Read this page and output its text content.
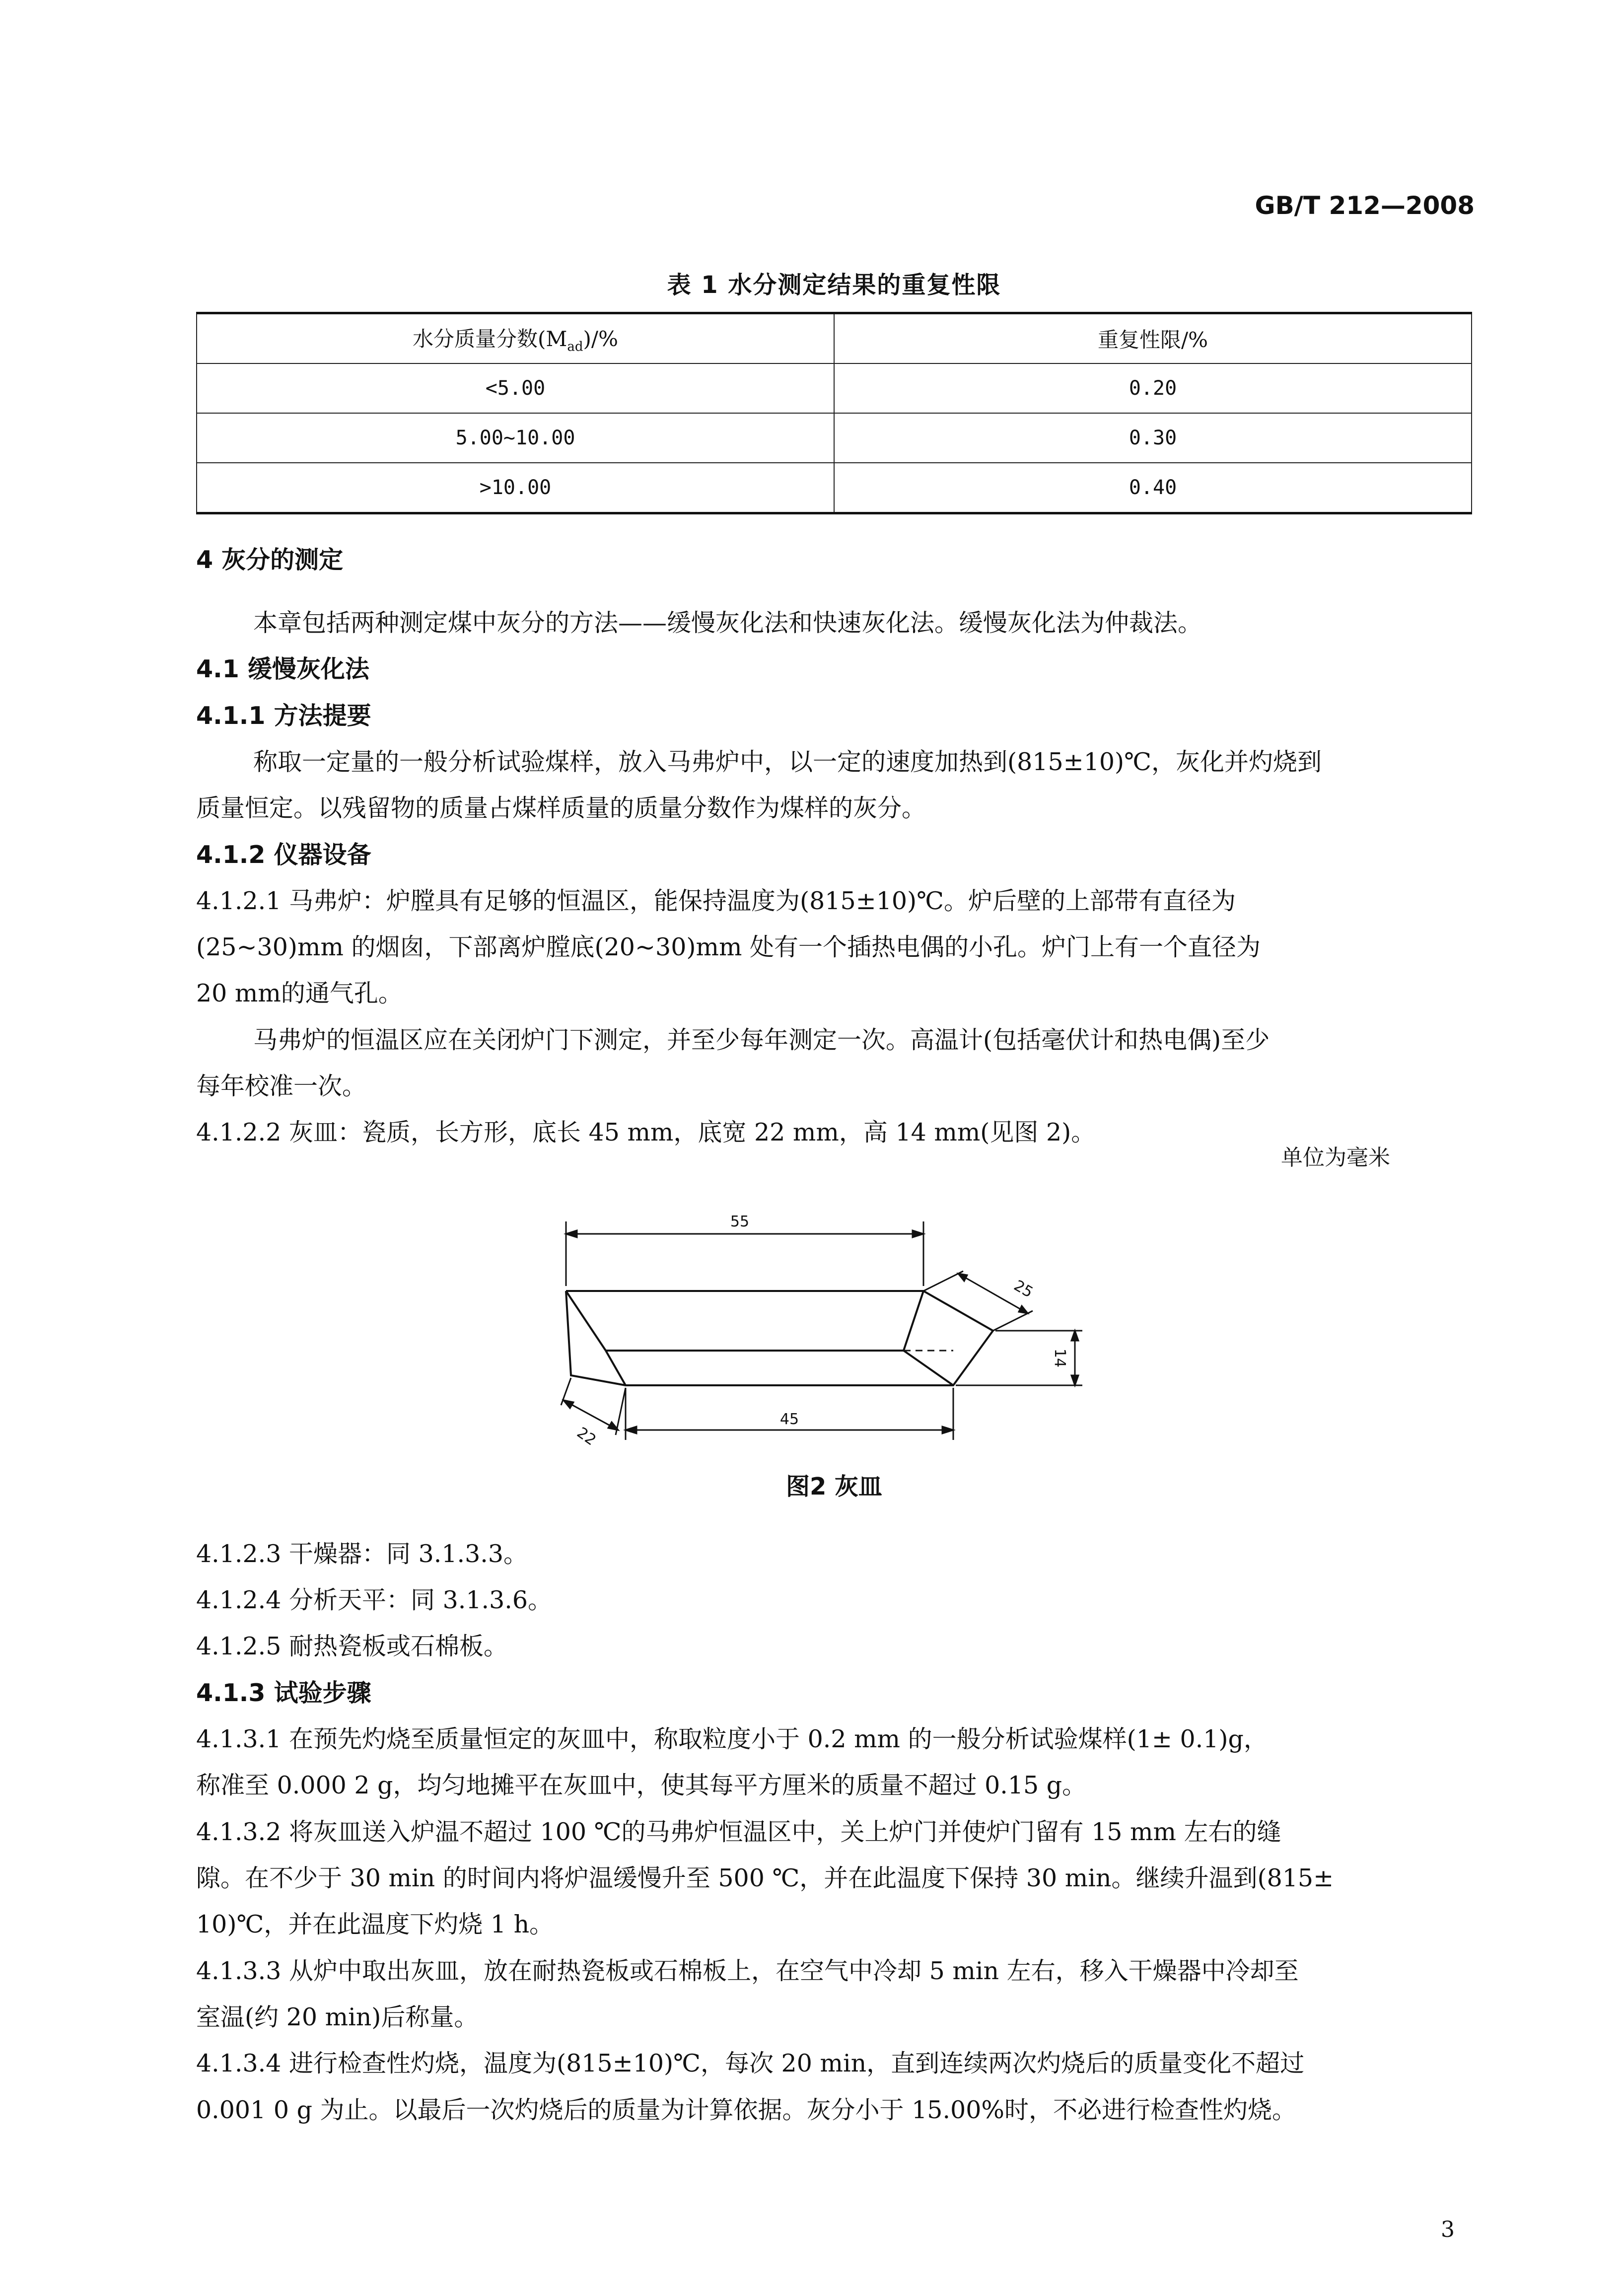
GB/T 212—2008
表 1 水分测定结果的重复性限
水分质量分数$(M_{ad})/\%$	重复性限/%
<5.00	0.20
5.00~10.00	0.30
>10.00	0.40
4 灰分的测定
本章包括两种测定煤中灰分的方法——缓慢灰化法和快速灰化法。缓慢灰化法为仲裁法。
4.1 缓慢灰化法
4.1.1 方法提要
称取一定量的一般分析试验煤样，放入马弗炉中，以一定的速度加热到(815±10)℃，灰化并灼烧到
质量恒定。以残留物的质量占煤样质量的质量分数作为煤样的灰分。
4.1.2 仪器设备
4.1.2.1 马弗炉：炉膛具有足够的恒温区，能保持温度为(815±10)℃。炉后壁的上部带有直径为
(25~30)mm 的烟囱，下部离炉膛底(20~30)mm 处有一个插热电偶的小孔。炉门上有一个直径为
20 mm的通气孔。
马弗炉的恒温区应在关闭炉门下测定，并至少每年测定一次。高温计(包括毫伏计和热电偶)至少
每年校准一次。
4.1.2.2 灰皿：瓷质，长方形，底长 45 mm，底宽 22 mm，高 14 mm(见图 2)。
单位为毫米
55
25
14
45
22
图2 灰皿
4.1.2.3 干燥器：同 3.1.3.3。
4.1.2.4 分析天平：同 3.1.3.6。
4.1.2.5 耐热瓷板或石棉板。
4.1.3 试验步骤
4.1.3.1 在预先灼烧至质量恒定的灰皿中，称取粒度小于 0.2 mm 的一般分析试验煤样(1± 0.1)g，
称准至 0.000 2 g，均匀地摊平在灰皿中，使其每平方厘米的质量不超过 0.15 g。
4.1.3.2 将灰皿送入炉温不超过 100 ℃的马弗炉恒温区中，关上炉门并使炉门留有 15 mm 左右的缝
隙。在不少于 30 min 的时间内将炉温缓慢升至 500 ℃，并在此温度下保持 30 min。继续升温到(815±
10)℃，并在此温度下灼烧 1 h。
4.1.3.3 从炉中取出灰皿，放在耐热瓷板或石棉板上，在空气中冷却 5 min 左右，移入干燥器中冷却至
室温(约 20 min)后称量。
4.1.3.4 进行检查性灼烧，温度为(815±10)℃，每次 20 min，直到连续两次灼烧后的质量变化不超过
0.001 0 g 为止。以最后一次灼烧后的质量为计算依据。灰分小于 15.00%时，不必进行检查性灼烧。
3
